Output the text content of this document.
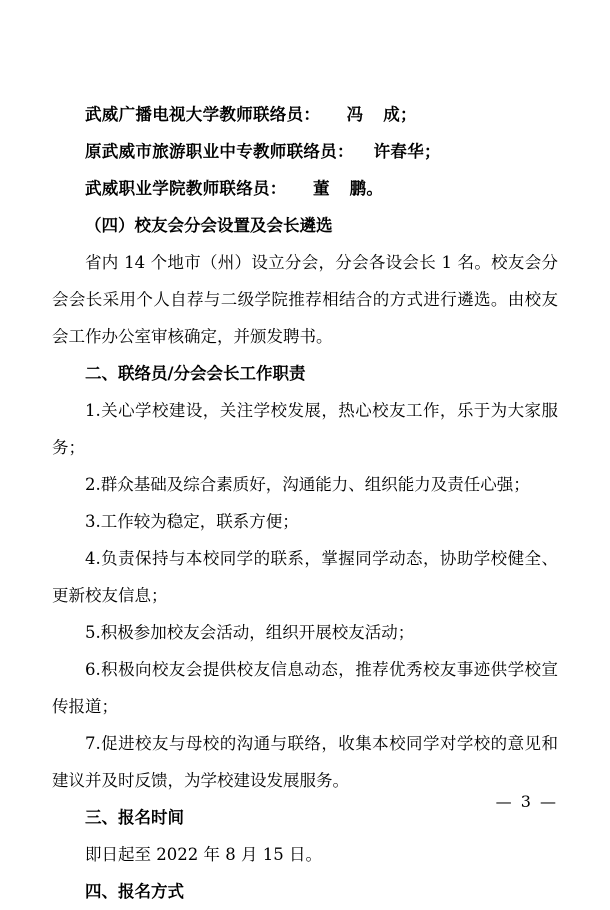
武威广播电视大学教师联络员： 冯 成；

原武威市旅游职业中专教师联络员： 许春华；

武威职业学院教师联络员： 董 鹏。

（四）校友会分会设置及会长遴选

省内 14 个地市（州）设立分会，分会各设会长 1 名。校友会分会会长采用个人自荐与二级学院推荐相结合的方式进行遴选。由校友会工作办公室审核确定，并颁发聘书。

二、联络员/分会会长工作职责

1.关心学校建设，关注学校发展，热心校友工作，乐于为大家服务；

2.群众基础及综合素质好，沟通能力、组织能力及责任心强；

3.工作较为稳定，联系方便；

4.负责保持与本校同学的联系，掌握同学动态，协助学校健全、更新校友信息；

5.积极参加校友会活动，组织开展校友活动；

6.积极向校友会提供校友信息动态，推荐优秀校友事迹供学校宣传报道；

7.促进校友与母校的沟通与联络，收集本校同学对学校的意见和建议并及时反馈，为学校建设发展服务。

三、报名时间

即日起至 2022 年 8 月 15 日。

四、报名方式

— 3 —
